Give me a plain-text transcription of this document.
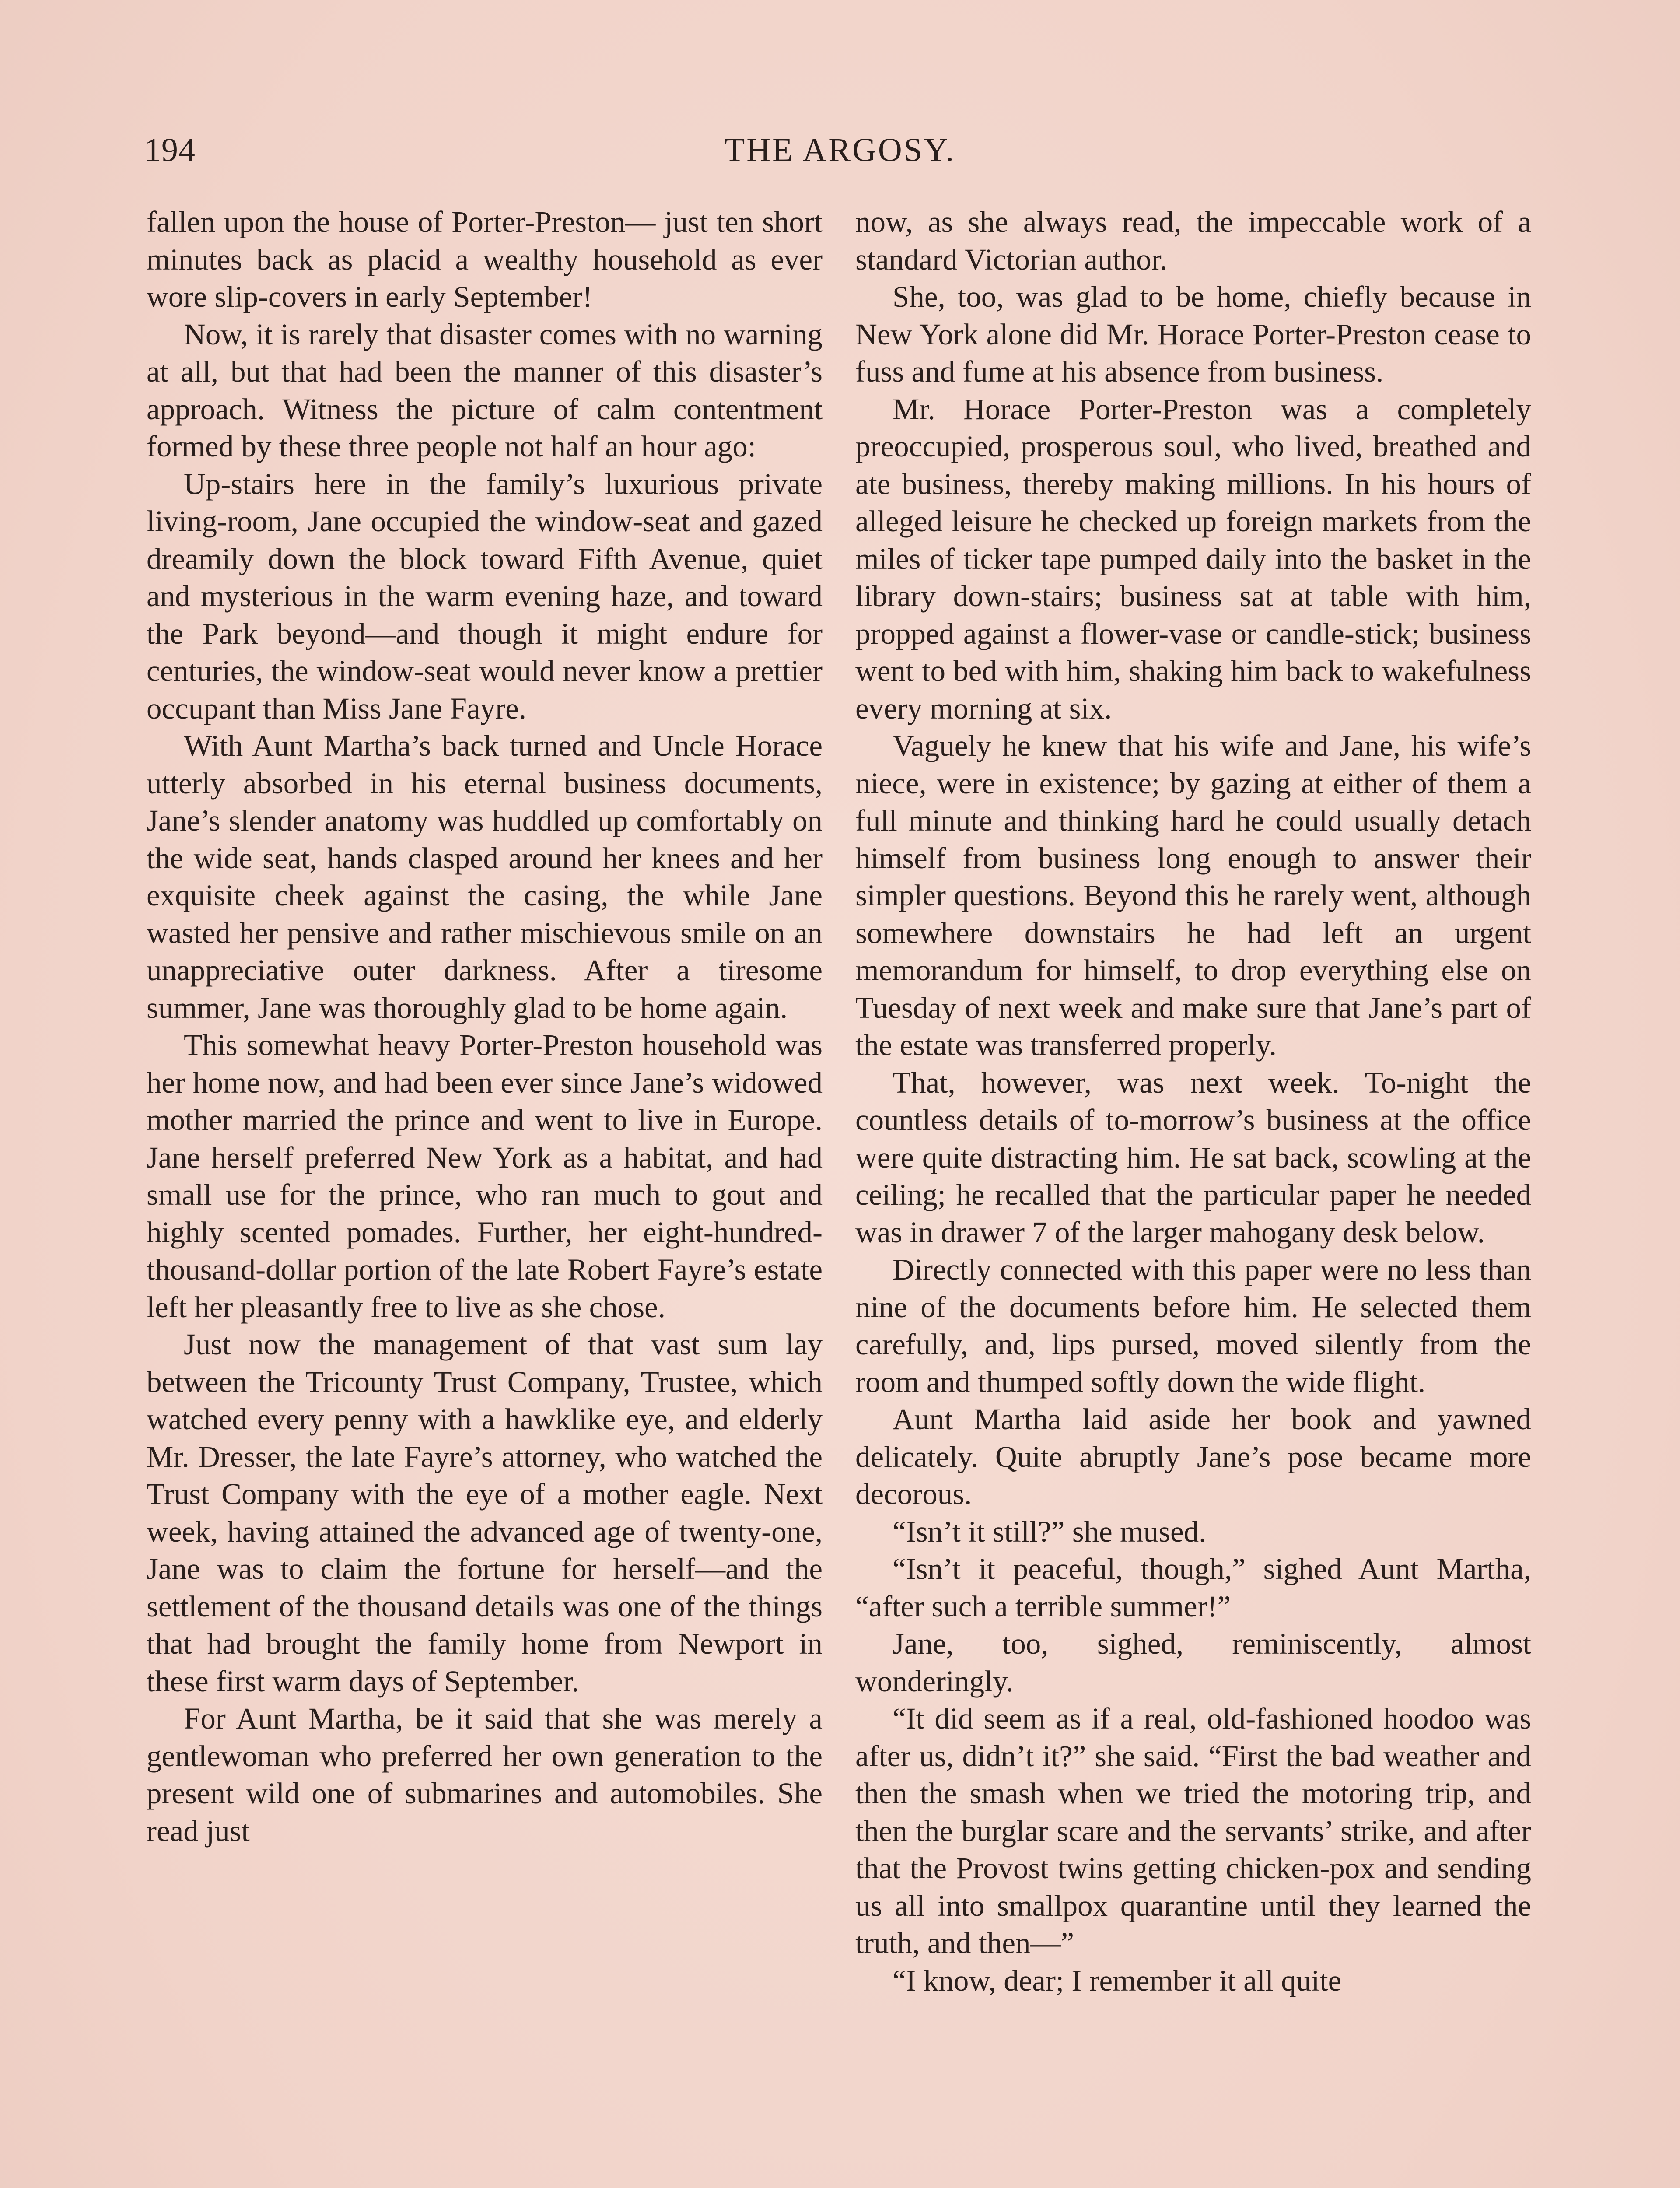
194	THE ARGOSY.

fallen upon the house of Porter-Preston— just ten short minutes back as placid a wealthy household as ever wore slip-covers in early September!

Now, it is rarely that disaster comes with no warning at all, but that had been the manner of this disaster’s approach. Witness the picture of calm contentment formed by these three people not half an hour ago:

Up-stairs here in the family’s luxurious private living-room, Jane occupied the window-seat and gazed dreamily down the block toward Fifth Avenue, quiet and mysterious in the warm evening haze, and toward the Park beyond—and though it might endure for centuries, the window-seat would never know a prettier occupant than Miss Jane Fayre.

With Aunt Martha’s back turned and Uncle Horace utterly absorbed in his eternal business documents, Jane’s slender anatomy was huddled up comfortably on the wide seat, hands clasped around her knees and her exquisite cheek against the casing, the while Jane wasted her pensive and rather mischievous smile on an unappreciative outer darkness. After a tiresome summer, Jane was thoroughly glad to be home again.

This somewhat heavy Porter-Preston household was her home now, and had been ever since Jane’s widowed mother married the prince and went to live in Europe. Jane herself preferred New York as a habitat, and had small use for the prince, who ran much to gout and highly scented pomades. Further, her eight-hundred-thousand-dollar portion of the late Robert Fayre’s estate left her pleasantly free to live as she chose.

Just now the management of that vast sum lay between the Tricounty Trust Company, Trustee, which watched every penny with a hawklike eye, and elderly Mr. Dresser, the late Fayre’s attorney, who watched the Trust Company with the eye of a mother eagle. Next week, having attained the advanced age of twenty-one, Jane was to claim the fortune for herself—and the settlement of the thousand details was one of the things that had brought the family home from Newport in these first warm days of September.

For Aunt Martha, be it said that she was merely a gentlewoman who preferred her own generation to the present wild one of submarines and automobiles. She read just

now, as she always read, the impeccable work of a standard Victorian author.

She, too, was glad to be home, chiefly because in New York alone did Mr. Horace Porter-Preston cease to fuss and fume at his absence from business.

Mr. Horace Porter-Preston was a completely preoccupied, prosperous soul, who lived, breathed and ate business, thereby making millions. In his hours of alleged leisure he checked up foreign markets from the miles of ticker tape pumped daily into the basket in the library down-stairs; business sat at table with him, propped against a flower-vase or candle-stick; business went to bed with him, shaking him back to wakefulness every morning at six.

Vaguely he knew that his wife and Jane, his wife’s niece, were in existence; by gazing at either of them a full minute and thinking hard he could usually detach himself from business long enough to answer their simpler questions. Beyond this he rarely went, although somewhere downstairs he had left an urgent memorandum for himself, to drop everything else on Tuesday of next week and make sure that Jane’s part of the estate was transferred properly.

That, however, was next week. To-night the countless details of to-morrow’s business at the office were quite distracting him. He sat back, scowling at the ceiling; he recalled that the particular paper he needed was in drawer 7 of the larger mahogany desk below.

Directly connected with this paper were no less than nine of the documents before him. He selected them carefully, and, lips pursed, moved silently from the room and thumped softly down the wide flight.

Aunt Martha laid aside her book and yawned delicately. Quite abruptly Jane’s pose became more decorous.

“Isn’t it still?” she mused.

“Isn’t it peaceful, though,” sighed Aunt Martha, “after such a terrible summer!”

Jane, too, sighed, reminiscently, almost wonderingly.

“It did seem as if a real, old-fashioned hoodoo was after us, didn’t it?” she said. “First the bad weather and then the smash when we tried the motoring trip, and then the burglar scare and the servants’ strike, and after that the Provost twins getting chicken-pox and sending us all into smallpox quarantine until they learned the truth, and then—”

“I know, dear; I remember it all quite
